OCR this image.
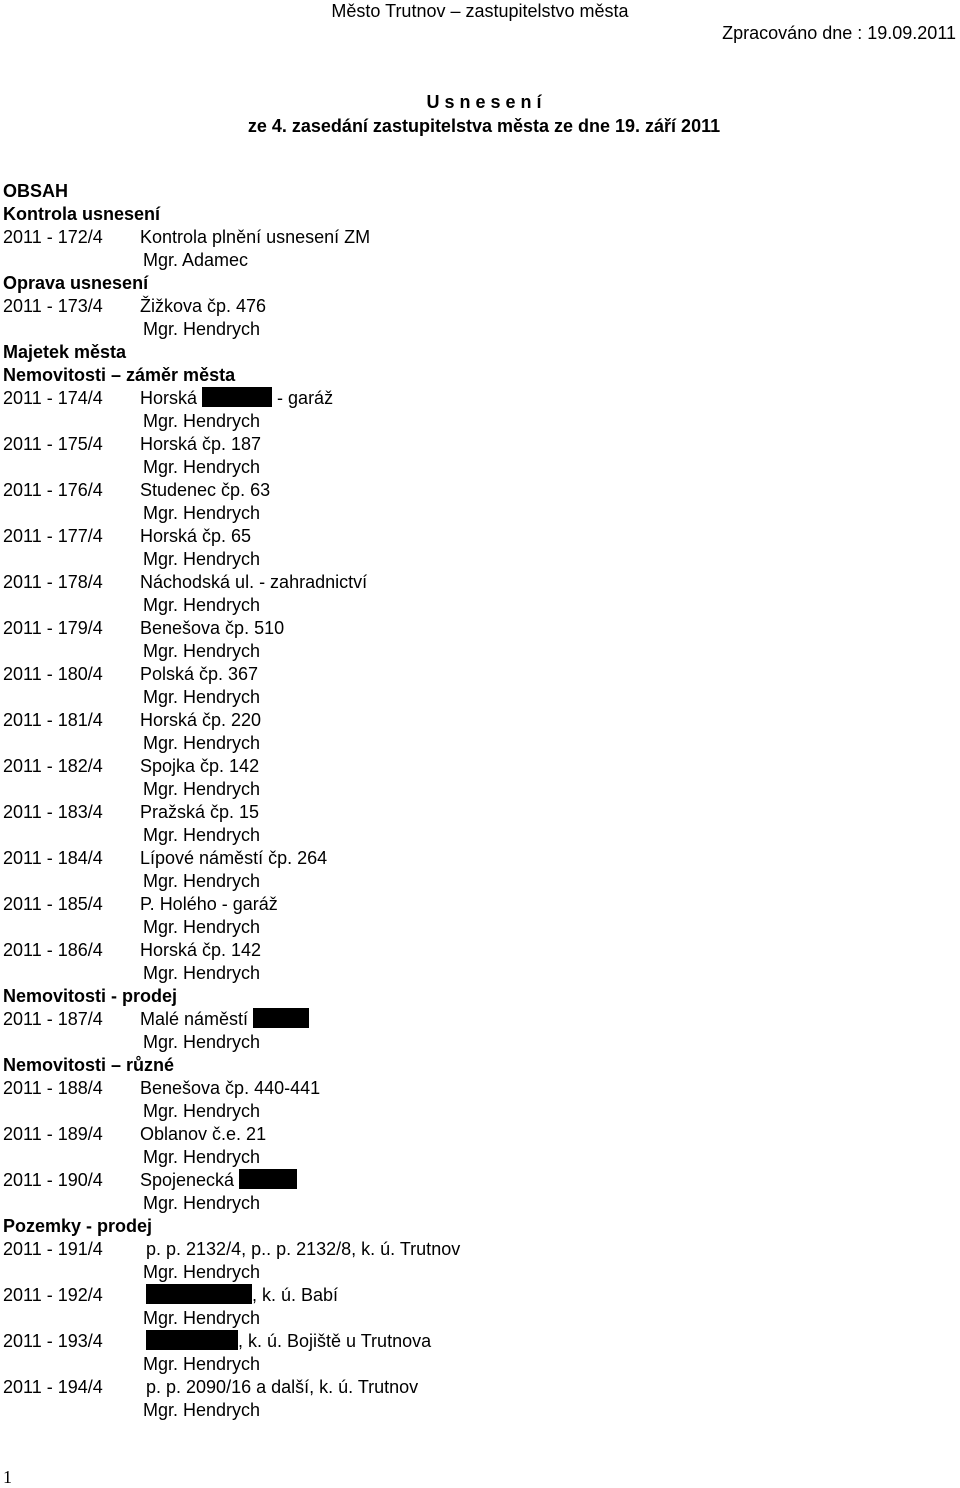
Město Trutnov – zastupitelstvo města
Zpracováno dne : 19.09.2011
U s n e s e n í
ze 4. zasedání zastupitelstva města ze dne 19. září 2011
OBSAH
Kontrola usnesení
2011 - 172/4 Kontrola plnění usnesení ZM
Mgr. Adamec
Oprava usnesení
2011 - 173/4 Žižkova čp. 476
Mgr. Hendrych
Majetek města
Nemovitosti – záměr města
2011 - 174/4 Horská	- garáž
Mgr. Hendrych
2011 - 175/4 Horská čp. 187
Mgr. Hendrych
2011 - 176/4 Studenec čp. 63
Mgr. Hendrych
2011 - 177/4 Horská čp. 65
Mgr. Hendrych
2011 - 178/4 Náchodská ul. - zahradnictví
Mgr. Hendrych
2011 - 179/4 Benešova čp. 510
Mgr. Hendrych
2011 - 180/4 Polská čp. 367
Mgr. Hendrych
2011 - 181/4 Horská čp. 220
Mgr. Hendrych
2011 - 182/4 Spojka čp. 142
Mgr. Hendrych
2011 - 183/4 Pražská čp. 15
Mgr. Hendrych
2011 - 184/4 Lípové náměstí čp. 264
Mgr. Hendrych
2011 - 185/4 P. Holého - garáž
Mgr. Hendrych
2011 - 186/4 Horská čp. 142
Mgr. Hendrych
Nemovitosti - prodej
2011 - 187/4 Malé náměstí
Mgr. Hendrych
Nemovitosti – různé
2011 - 188/4 Benešova čp. 440-441
Mgr. Hendrych
2011 - 189/4 Oblanov č.e. 21
Mgr. Hendrych
2011 - 190/4 Spojenecká
Mgr. Hendrych
Pozemky - prodej
2011 - 191/4 p. p. 2132/4, p.. p. 2132/8, k. ú. Trutnov
Mgr. Hendrych
2011 - 192/4	, k. ú. Babí
Mgr. Hendrych
2011 - 193/4	, k. ú. Bojiště u Trutnova
Mgr. Hendrych
2011 - 194/4 p. p. 2090/16 a další, k. ú. Trutnov
Mgr. Hendrych
1
